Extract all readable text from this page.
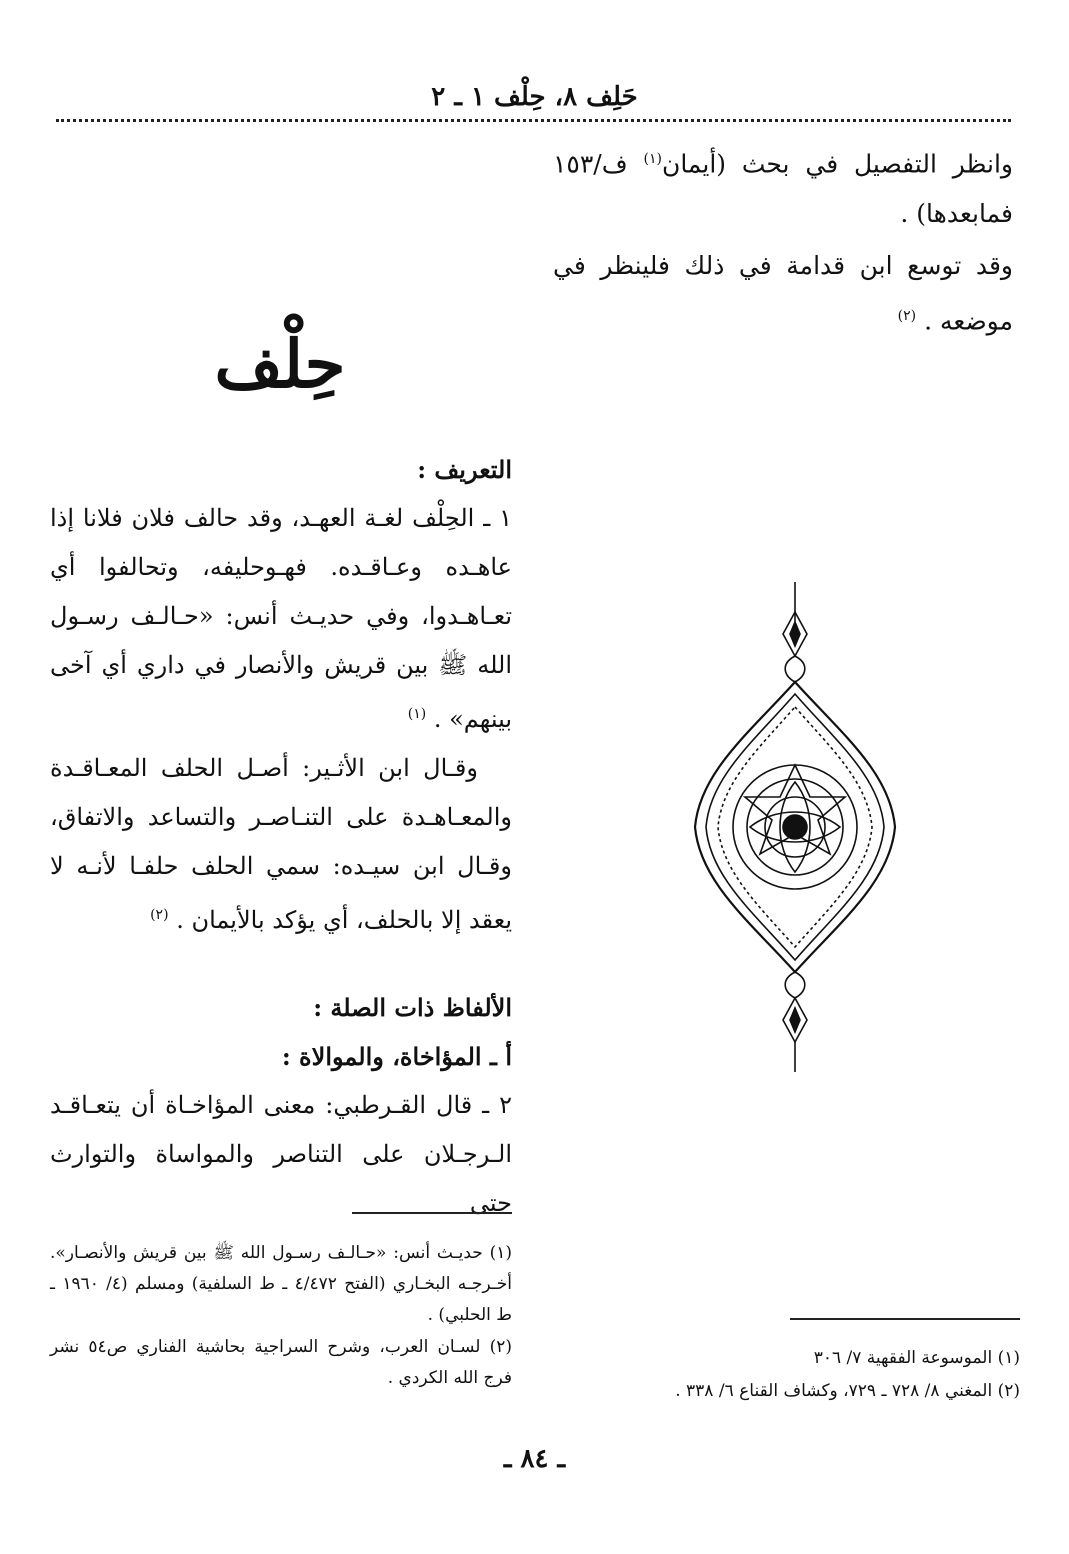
حَلِف ٨، حِلْف ١ ـ ٢

وانظر التفصيل في بحث (أيمان$^{(١)}$ ف/١٥٣ فمابعدها) .

وقد توسع ابن قدامة في ذلك فلينظر في موضعه . $^{(٢)}$

حِلْف
التعريف :

١ ـ الحِلْف لغـة العهـد، وقد حالف فلان فلانا إذا عاهـده وعـاقـده. فهـوحليفه، وتحالفوا أي تعـاهـدوا، وفي حديـث أنس: «حـالـف رسـول الله ﷺ بين قريش والأنصار في داري أي آخى بينهم» . $^{(١)}$

وقـال ابن الأثـير: أصـل الحلف المعـاقـدة والمعـاهـدة على التنـاصـر والتساعد والاتفاق، وقـال ابن سيـده: سمي الحلف حلفـا لأنـه لا يعقد إلا بالحلف، أي يؤكد بالأيمان . $^{(٢)}$

الألفاظ ذات الصلة :
أ ـ المؤاخاة، والموالاة :

٢ ـ قال القـرطبي: معنى المؤاخـاة أن يتعـاقـد الـرجـلان على التناصر والمواساة والتوارث حتى

(١) حديـث أنس: «حـالـف رسـول الله ﷺ بين قريش والأنصـار». أخـرجـه البخـاري (الفتح ٤/٤٧٢ ـ ط السلفية) ومسلم (٤/ ١٩٦٠ ـ ط الحلبي) .

(٢) لسـان العرب، وشرح السراجية بحاشية الفناري ص٥٤ نشر فرج الله الكردي .

(١) الموسوعة الفقهية ٧/ ٣٠٦

(٢) المغني ٨/ ٧٢٨ ـ ٧٢٩، وكشاف القناع ٦/ ٣٣٨ .

ـ ٨٤ ـ
